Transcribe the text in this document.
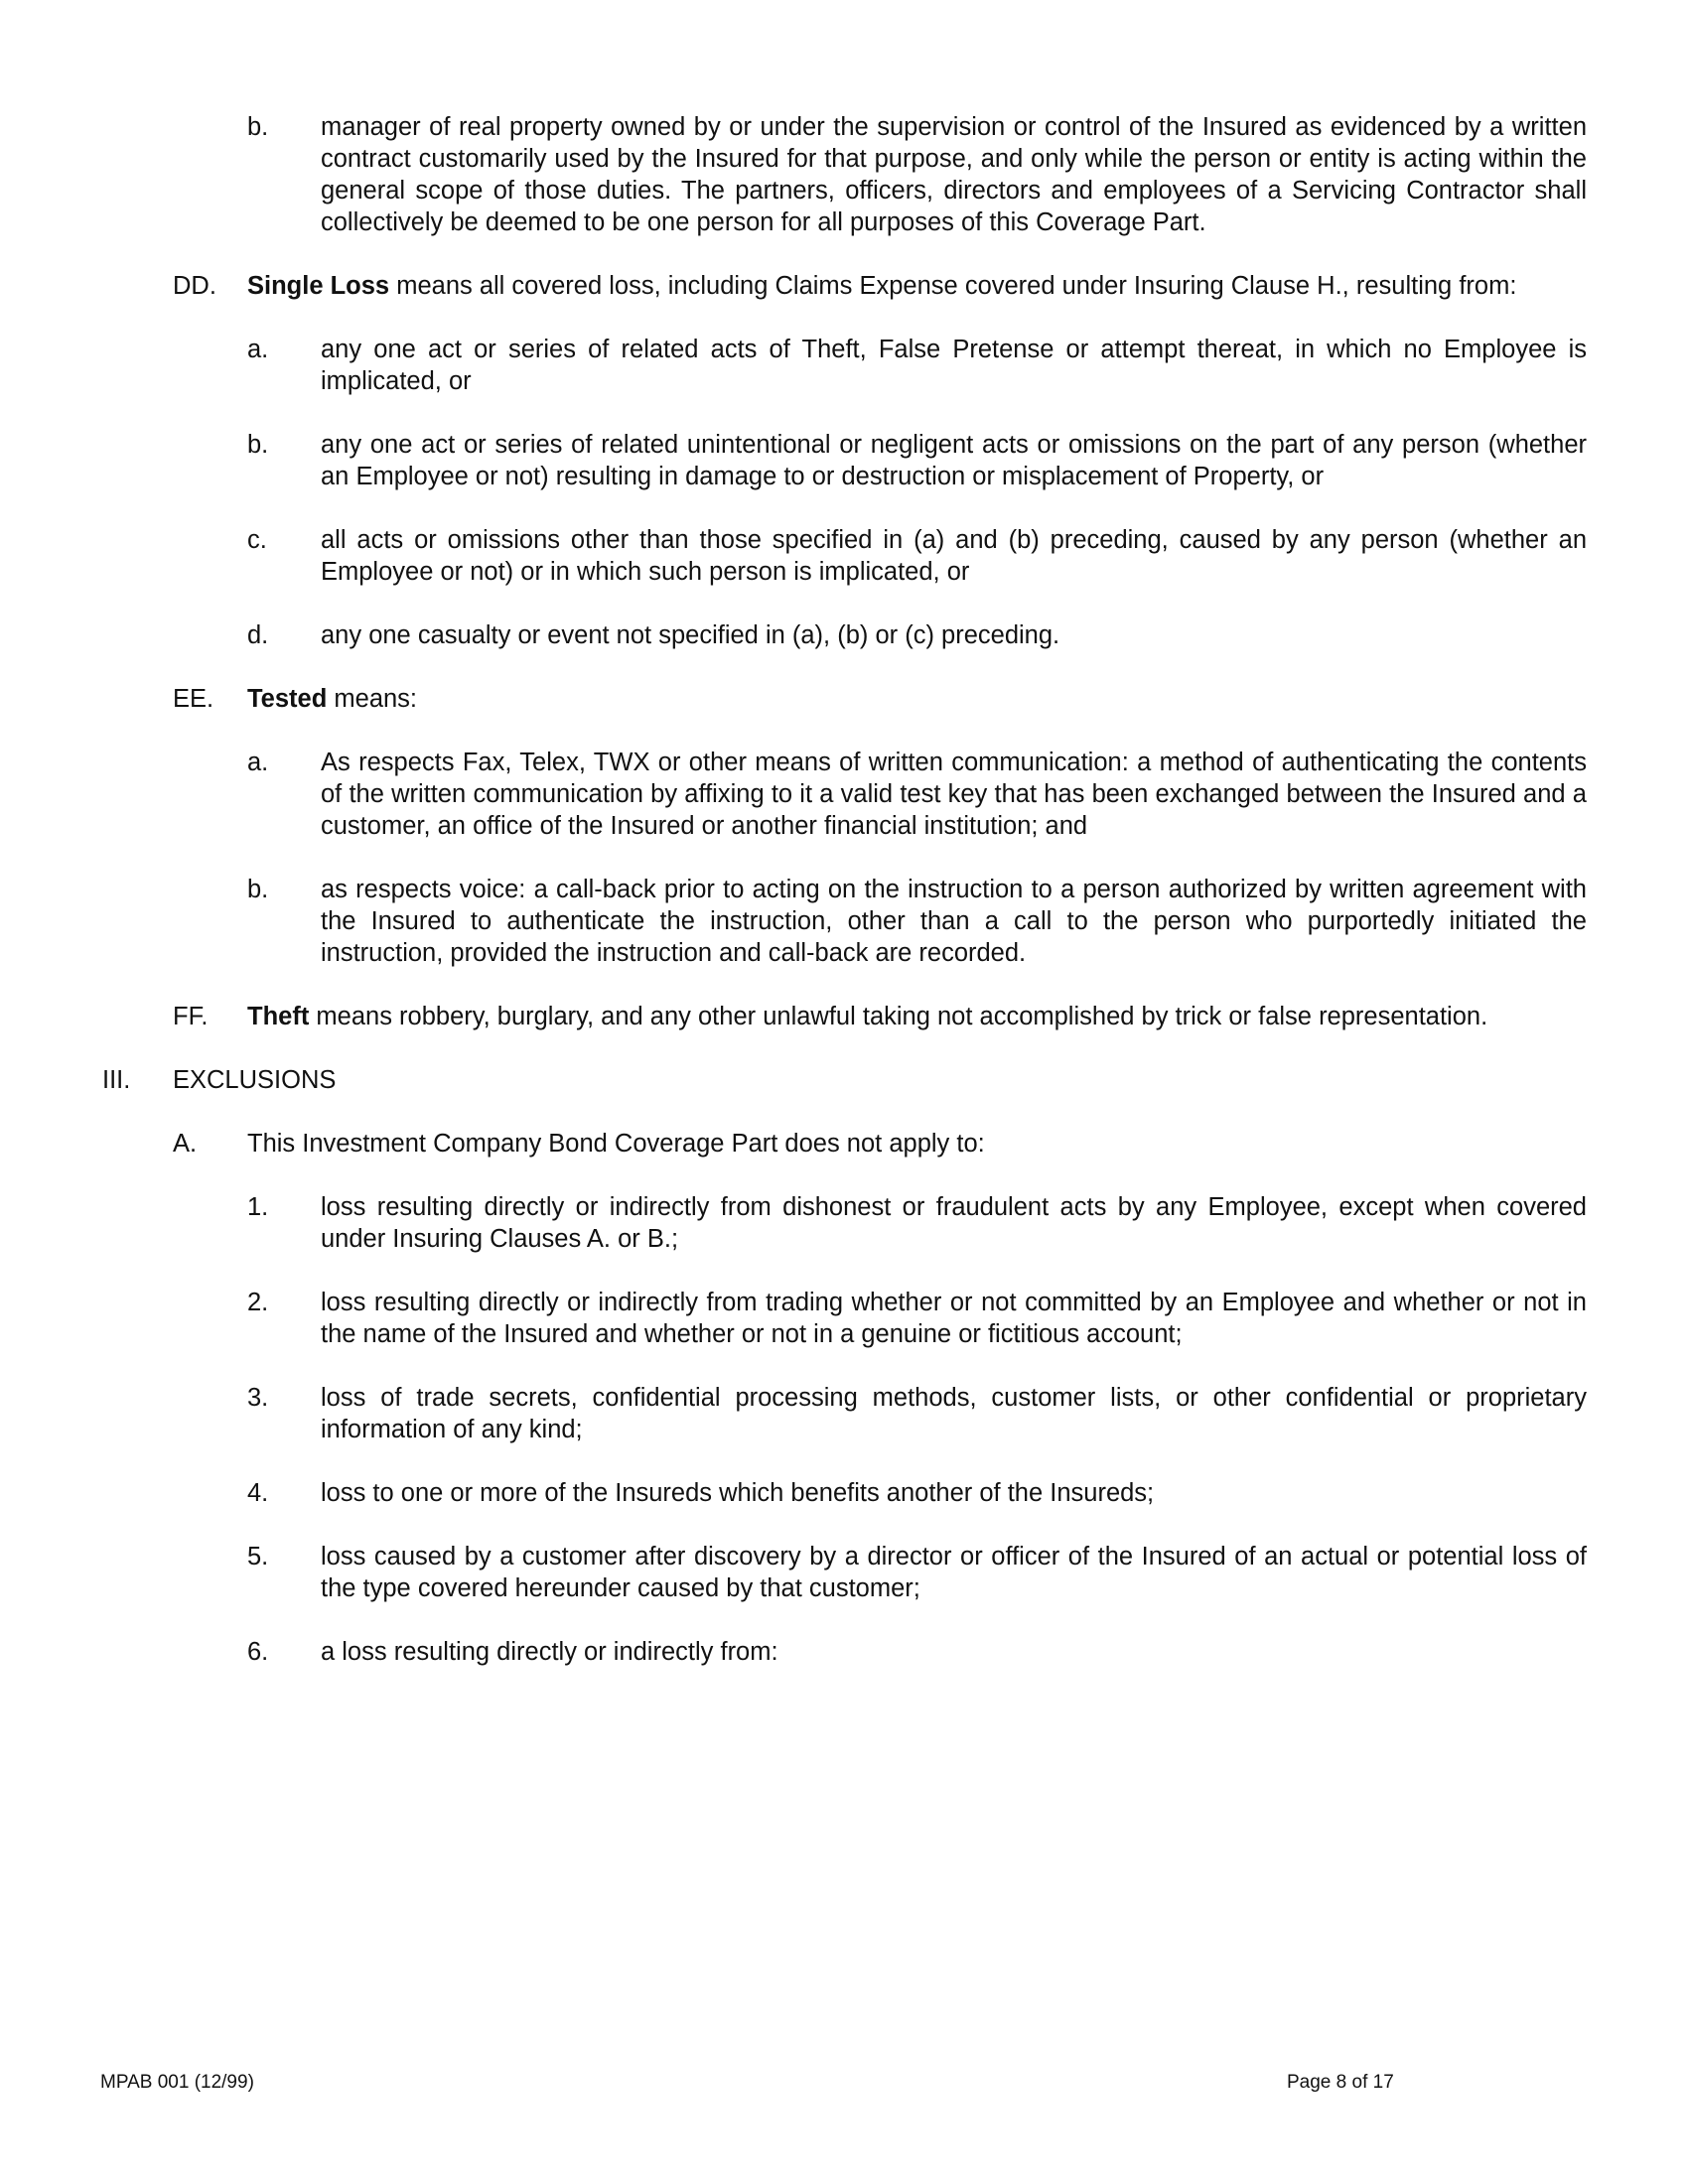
b. manager of real property owned by or under the supervision or control of the Insured as evidenced by a written contract customarily used by the Insured for that purpose, and only while the person or entity is acting within the general scope of those duties. The partners, officers, directors and employees of a Servicing Contractor shall collectively be deemed to be one person for all purposes of this Coverage Part.
DD. Single Loss means all covered loss, including Claims Expense covered under Insuring Clause H., resulting from:
a. any one act or series of related acts of Theft, False Pretense or attempt thereat, in which no Employee is implicated, or
b. any one act or series of related unintentional or negligent acts or omissions on the part of any person (whether an Employee or not) resulting in damage to or destruction or misplacement of Property, or
c. all acts or omissions other than those specified in (a) and (b) preceding, caused by any person (whether an Employee or not) or in which such person is implicated, or
d. any one casualty or event not specified in (a), (b) or (c) preceding.
EE. Tested means:
a. As respects Fax, Telex, TWX or other means of written communication: a method of authenticating the contents of the written communication by affixing to it a valid test key that has been exchanged between the Insured and a customer, an office of the Insured or another financial institution; and
b. as respects voice: a call-back prior to acting on the instruction to a person authorized by written agreement with the Insured to authenticate the instruction, other than a call to the person who purportedly initiated the instruction, provided the instruction and call-back are recorded.
FF. Theft means robbery, burglary, and any other unlawful taking not accomplished by trick or false representation.
III. EXCLUSIONS
A. This Investment Company Bond Coverage Part does not apply to:
1. loss resulting directly or indirectly from dishonest or fraudulent acts by any Employee, except when covered under Insuring Clauses A. or B.;
2. loss resulting directly or indirectly from trading whether or not committed by an Employee and whether or not in the name of the Insured and whether or not in a genuine or fictitious account;
3. loss of trade secrets, confidential processing methods, customer lists, or other confidential or proprietary information of any kind;
4. loss to one or more of the Insureds which benefits another of the Insureds;
5. loss caused by a customer after discovery by a director or officer of the Insured of an actual or potential loss of the type covered hereunder caused by that customer;
6. a loss resulting directly or indirectly from:
MPAB 001 (12/99)	Page 8 of 17
